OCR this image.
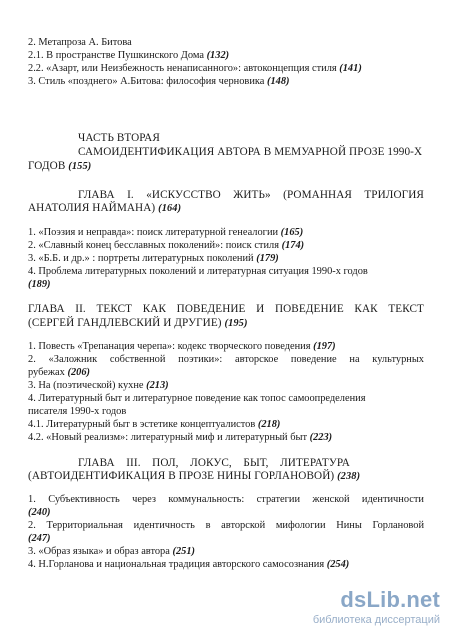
2. Метапроза А. Битова
2.1. В пространстве Пушкинского Дома (132)
2.2. «Азарт, или Неизбежность ненаписанного»: автоконцепция стиля (141)
3. Стиль «позднего» А.Битова: философия черновика (148)
ЧАСТЬ ВТОРАЯ
САМОИДЕНТИФИКАЦИЯ АВТОРА В МЕМУАРНОЙ ПРОЗЕ 1990-Х
ГОДОВ (155)
ГЛАВА I. «ИСКУССТВО ЖИТЬ» (РОМАННАЯ ТРИЛОГИЯ
АНАТОЛИЯ НАЙМАНА) (164)
1. «Поэзия и неправда»: поиск литературной генеалогии (165)
2. «Славный конец бесславных поколений»: поиск стиля (174)
3. «Б.Б. и др.» : портреты литературных поколений (179)
4. Проблема литературных поколений и литературная ситуация 1990-х годов
(189)
ГЛАВА II. ТЕКСТ КАК ПОВЕДЕНИЕ И ПОВЕДЕНИЕ КАК ТЕКСТ
(СЕРГЕЙ ГАНДЛЕВСКИЙ И ДРУГИЕ) (195)
1. Повесть «Трепанация черепа»: кодекс творческого поведения (197)
2. «Заложник собственной поэтики»: авторское поведение на культурных
рубежах (206)
3. На (поэтической) кухне (213)
4. Литературный быт и литературное поведение как топос самоопределения
писателя 1990-х годов
4.1. Литературный быт в эстетике концептуалистов (218)
4.2. «Новый реализм»: литературный миф и литературный быт (223)
ГЛАВА    III.    ПОЛ,    ЛОКУС,    БЫТ,    ЛИТЕРАТУРА
(АВТОИДЕНТИФИКАЦИЯ В ПРОЗЕ НИНЫ ГОРЛАНОВОЙ) (238)
1. Субъективность через коммунальность: стратегии женской идентичности
(240)
2. Территориальная идентичность в авторской мифологии Нины Горлановой
(247)
3. «Образ языка» и образ автора (251)
4. Н.Горланова и национальная традиция авторского самосознания (254)
dsLib.net
библиотека диссертаций
